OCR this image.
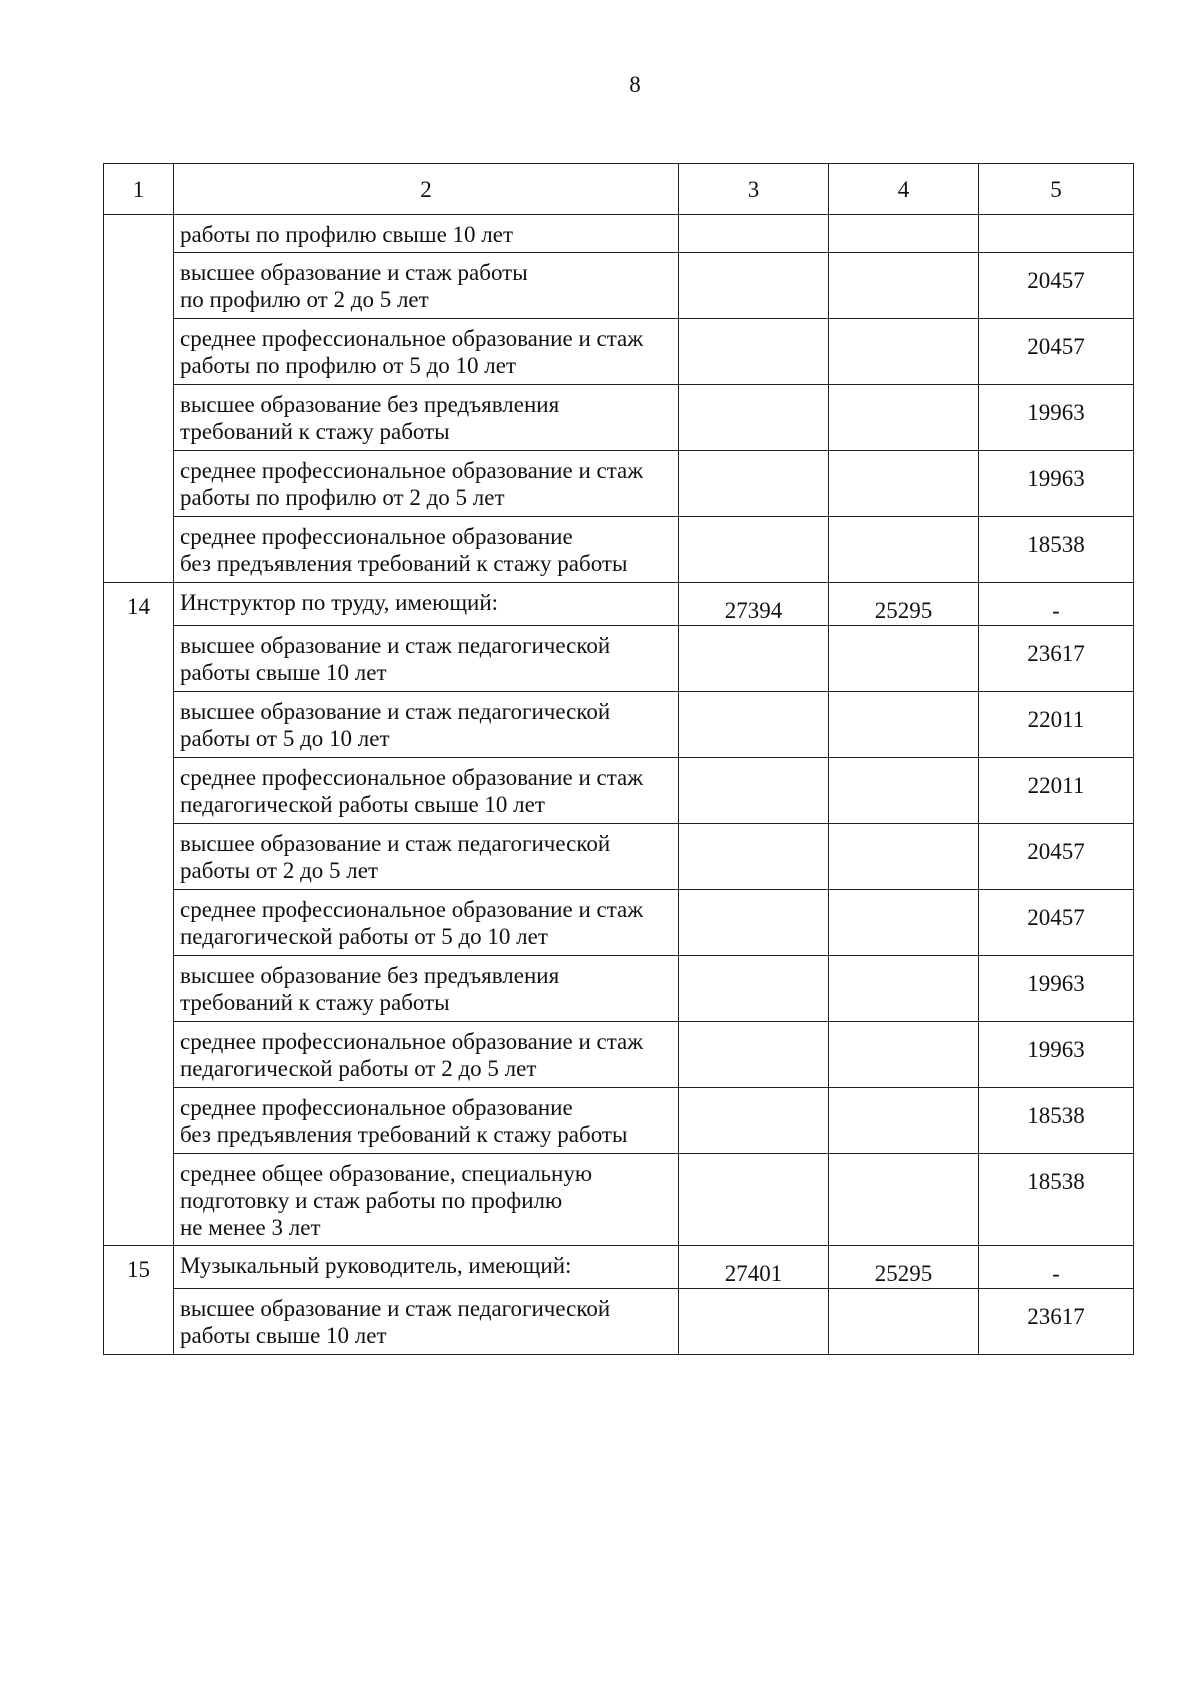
8
1	2	3	4	5
	работы по профилю свыше 10 лет			
	высшее образование и стаж работы
по профилю от 2 до 5 лет			20457
	среднее профессиональное образование и стаж работы по профилю от 5 до 10 лет			20457
	высшее образование без предъявления
требований к стажу работы			19963
	среднее профессиональное образование и стаж работы по профилю от 2 до 5 лет			19963
	среднее профессиональное образование
без предъявления требований к стажу работы			18538
14	Инструктор по труду, имеющий:	27394	25295	-
	высшее образование и стаж педагогической
работы свыше 10 лет			23617
	высшее образование и стаж педагогической
работы от 5 до 10 лет			22011
	среднее профессиональное образование и стаж педагогической работы свыше 10 лет			22011
	высшее образование и стаж педагогической
работы от 2 до 5 лет			20457
	среднее профессиональное образование и стаж педагогической работы от 5 до 10 лет			20457
	высшее образование без предъявления
требований к стажу работы			19963
	среднее профессиональное образование и стаж педагогической работы от 2 до 5 лет			19963
	среднее профессиональное образование
без предъявления требований к стажу работы			18538
	среднее общее образование, специальную
подготовку и стаж работы по профилю
не менее 3 лет			18538
15	Музыкальный руководитель, имеющий:	27401	25295	-
	высшее образование и стаж педагогической
работы свыше 10 лет			23617
